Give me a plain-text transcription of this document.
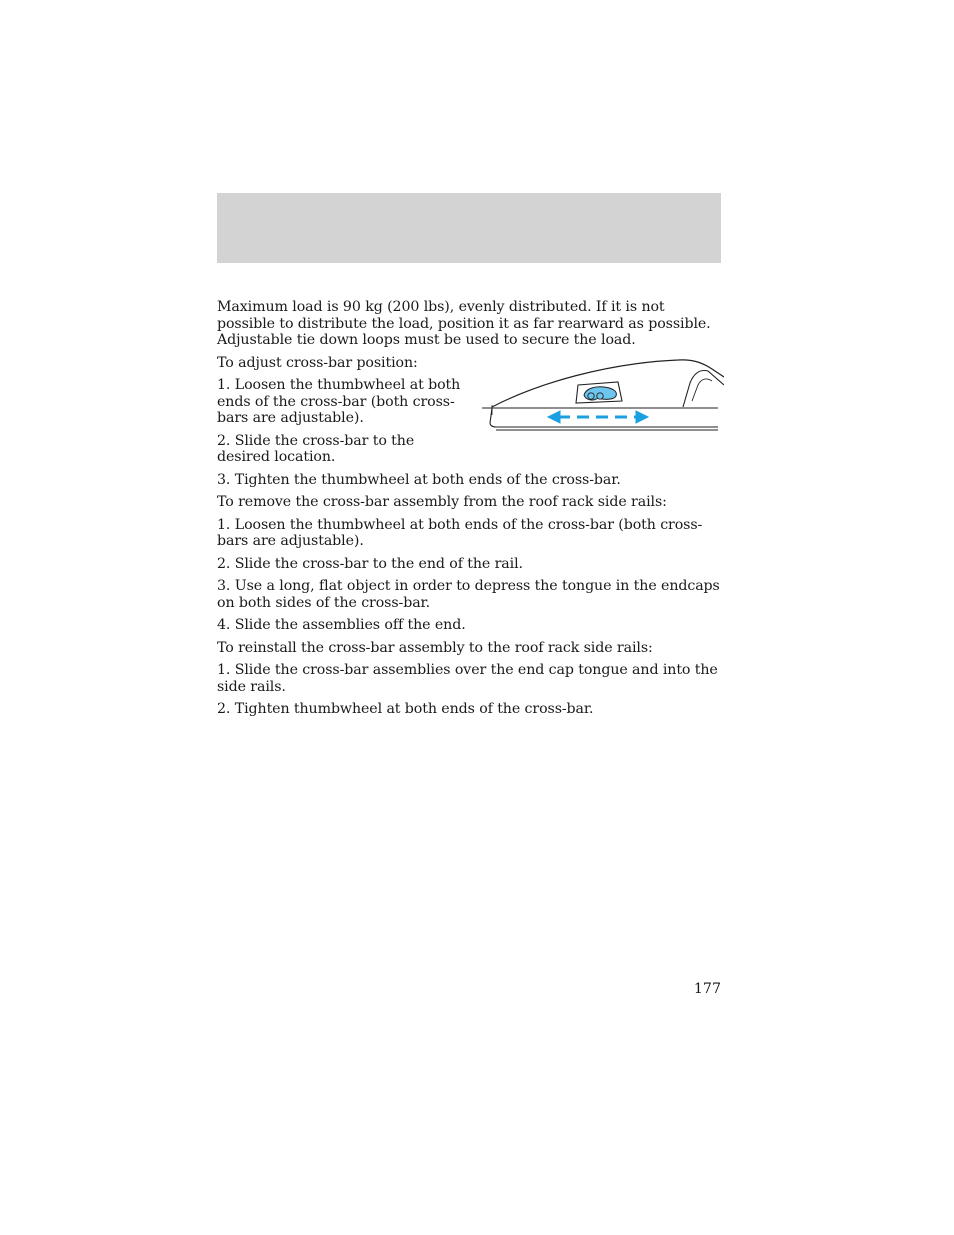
Maximum load is 90 kg (200 lbs), evenly distributed. If it is not possible to distribute the load, position it as far rearward as possible. Adjustable tie down loops must be used to secure the load.

To adjust cross-bar position:

1. Loosen the thumbwheel at both ends of the cross-bar (both cross-bars are adjustable).

2. Slide the cross-bar to the desired location.

3. Tighten the thumbwheel at both ends of the cross-bar.

To remove the cross-bar assembly from the roof rack side rails:

1. Loosen the thumbwheel at both ends of the cross-bar (both cross-bars are adjustable).

2. Slide the cross-bar to the end of the rail.

3. Use a long, flat object in order to depress the tongue in the endcaps on both sides of the cross-bar.

4. Slide the assemblies off the end.

To reinstall the cross-bar assembly to the roof rack side rails:

1. Slide the cross-bar assemblies over the end cap tongue and into the side rails.

2. Tighten thumbwheel at both ends of the cross-bar.

177
